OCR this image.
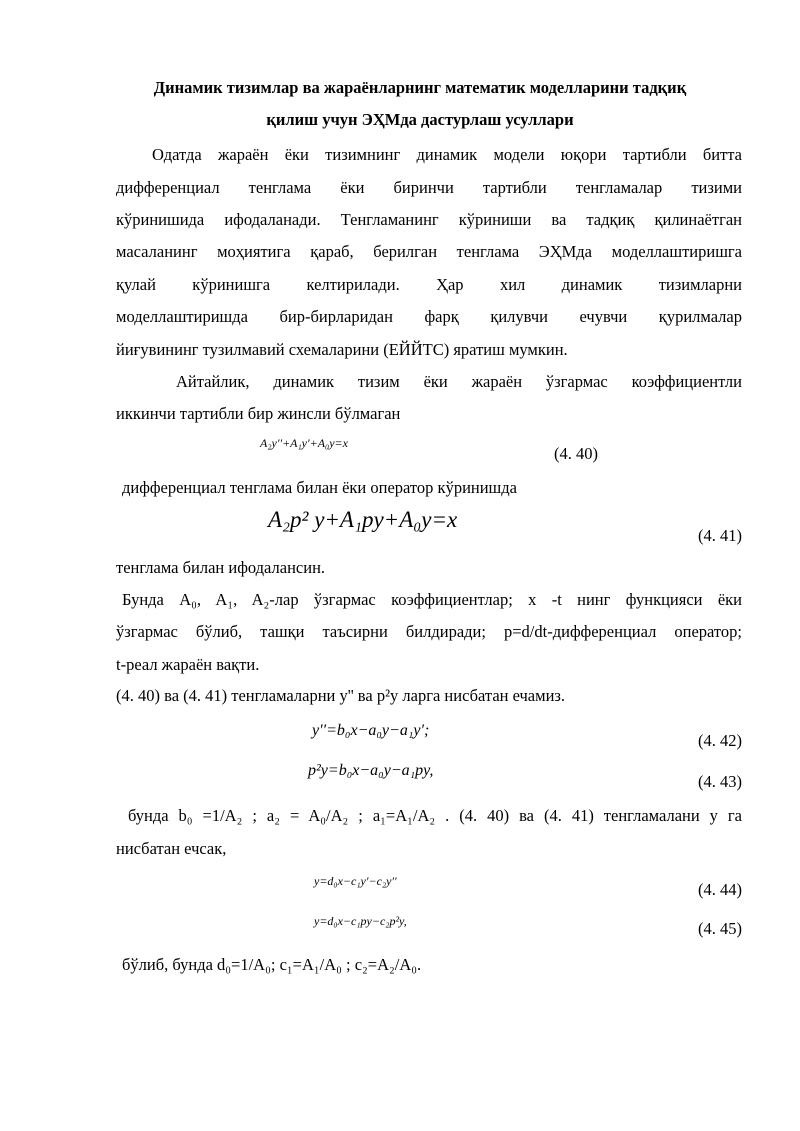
Динамик тизимлар ва жараёнларнинг математик моделларини тадқиқ
қилиш учун ЭҲМда дастурлаш усуллари
Одатда жараён ёки тизимнинг динамик модели юқори тартибли битта
дифференциал тенглама ёки биринчи тартибли тенгламалар тизими
кўринишида ифодаланади. Тенгламанинг кўриниши ва тадқиқ қилинаётган
масаланинг моҳиятига қараб, берилган тенглама ЭҲМда моделлаштиришга
қулай кўринишга келтирилади. Ҳар хил динамик тизимларни
моделлаштиришда бир-бирларидан фарқ қилувчи ечувчи қурилмалар
йиғувининг тузилмавий схемаларини (ЕЙЙТС) яратиш мумкин.
Айтайлик, динамик тизим ёки жараён ўзгармас коэффициентли
иккинчи тартибли бир жинсли бўлмаган
A₂y′′+A₁y′+A₀y=x
(4. 40)
дифференциал тенглама билан ёки оператор кўринишда
A₂p² y+A₁py+A₀y=x
(4. 41)
тенглама билан ифодалансин.
Бунда A₀, A₁, A₂-лар ўзгармас коэффициентлар; x -t нинг функцияси ёки
ўзгармас бўлиб, ташқи таъсирни билдиради; p=d/dt-дифференциал оператор;
t-реал жараён вақти.
(4. 40) ва (4. 41) тенгламаларни y'' ва p²y ларга нисбатан ечамиз.
y′′=b₀x−a₀y−a₁y′;
(4. 42)
p²y=b₀x−a₀y−a₁py,
(4. 43)
бунда b₀ =1/A₂ ; a₂ = A₀/A₂ ; a₁=A₁/A₂ . (4. 40) ва (4. 41) тенгламалани y га
нисбатан ечсак,
y=d₀x−c₁y′−c₂y′′	(4. 44)
y=d₀x−c₁py−c₂p²y,	(4. 45)
бўлиб, бунда d₀=1/A₀; c₁=A₁/A₀ ; c₂=A₂/A₀.
